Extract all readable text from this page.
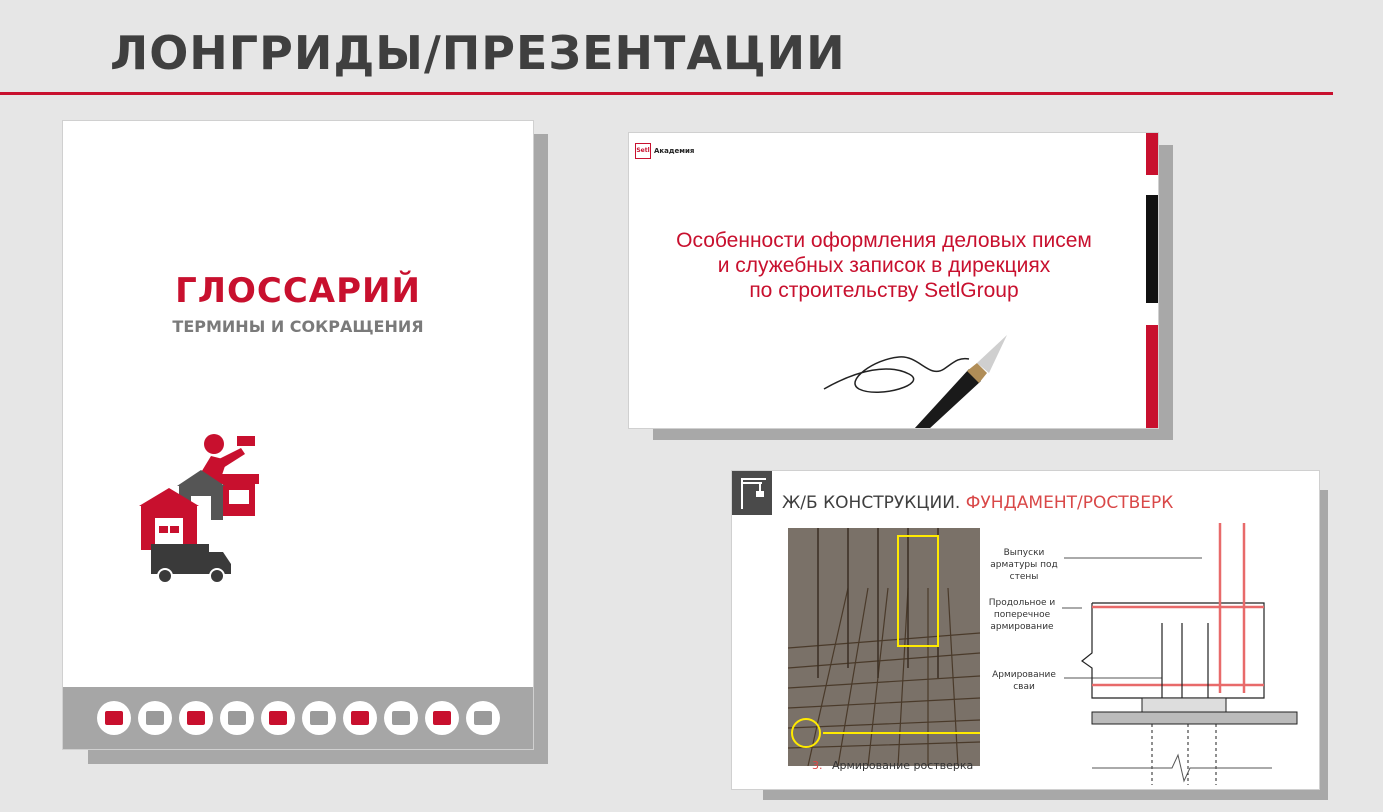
ЛОНГРИДЫ/ПРЕЗЕНТАЦИИ
ГЛОССАРИЙ
ТЕРМИНЫ И СОКРАЩЕНИЯ
Setl Академия
Особенности оформления деловых писем
и служебных записок в дирекциях
по строительству SetlGroup
Ж/Б КОНСТРУКЦИИ. ФУНДАМЕНТ/РОСТВЕРК
Выпуски арматуры под стены
Продольное и поперечное армирование
Армирование сваи
3. Армирование ростверка
